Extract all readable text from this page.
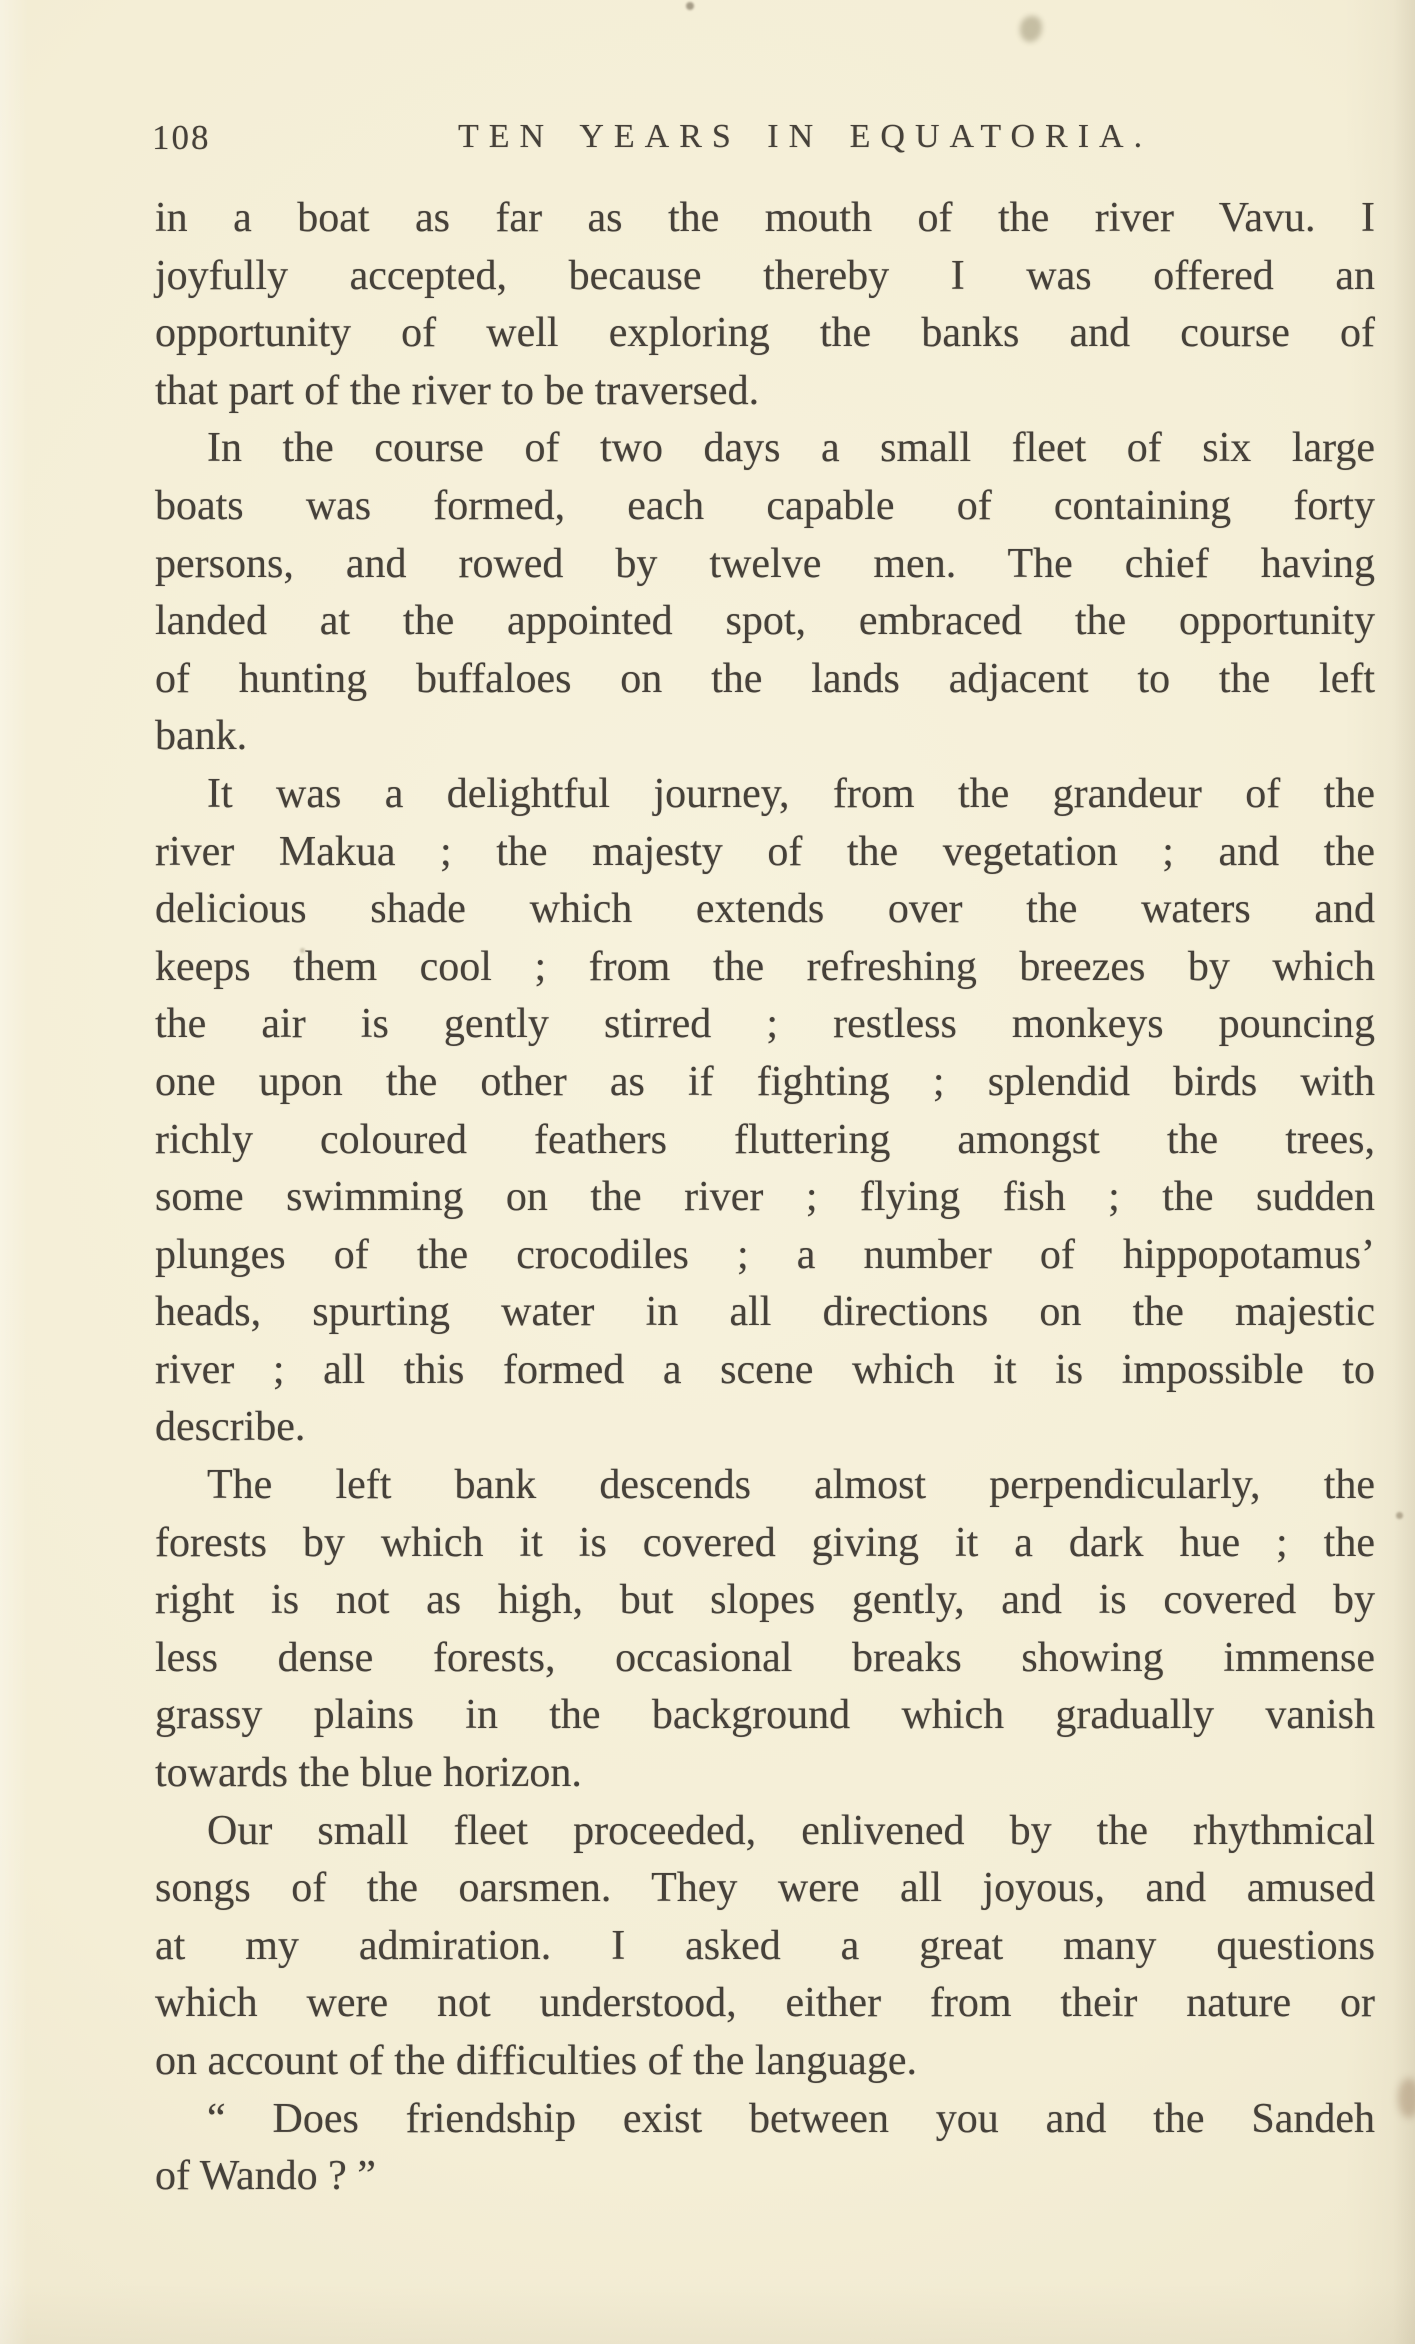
108	TEN YEARS IN EQUATORIA.
in a boat as far as the mouth of the river Vavu. I
joyfully accepted, because thereby I was offered an
opportunity of well exploring the banks and course of
that part of the river to be traversed.
In the course of two days a small fleet of six large
boats was formed, each capable of containing forty
persons, and rowed by twelve men. The chief having
landed at the appointed spot, embraced the opportunity
of hunting buffaloes on the lands adjacent to the left
bank.
It was a delightful journey, from the grandeur of the
river Makua ; the majesty of the vegetation ; and the
delicious shade which extends over the waters and
keeps them cool ; from the refreshing breezes by which
the air is gently stirred ; restless monkeys pouncing
one upon the other as if fighting ; splendid birds with
richly coloured feathers fluttering amongst the trees,
some swimming on the river ; flying fish ; the sudden
plunges of the crocodiles ; a number of hippopotamus’
heads, spurting water in all directions on the majestic
river ; all this formed a scene which it is impossible to
describe.
The left bank descends almost perpendicularly, the
forests by which it is covered giving it a dark hue ; the
right is not as high, but slopes gently, and is covered by
less dense forests, occasional breaks showing immense
grassy plains in the background which gradually vanish
towards the blue horizon.
Our small fleet proceeded, enlivened by the rhythmical
songs of the oarsmen. They were all joyous, and amused
at my admiration. I asked a great many questions
which were not understood, either from their nature or
on account of the difficulties of the language.
“ Does friendship exist between you and the Sandeh
of Wando ? ”
